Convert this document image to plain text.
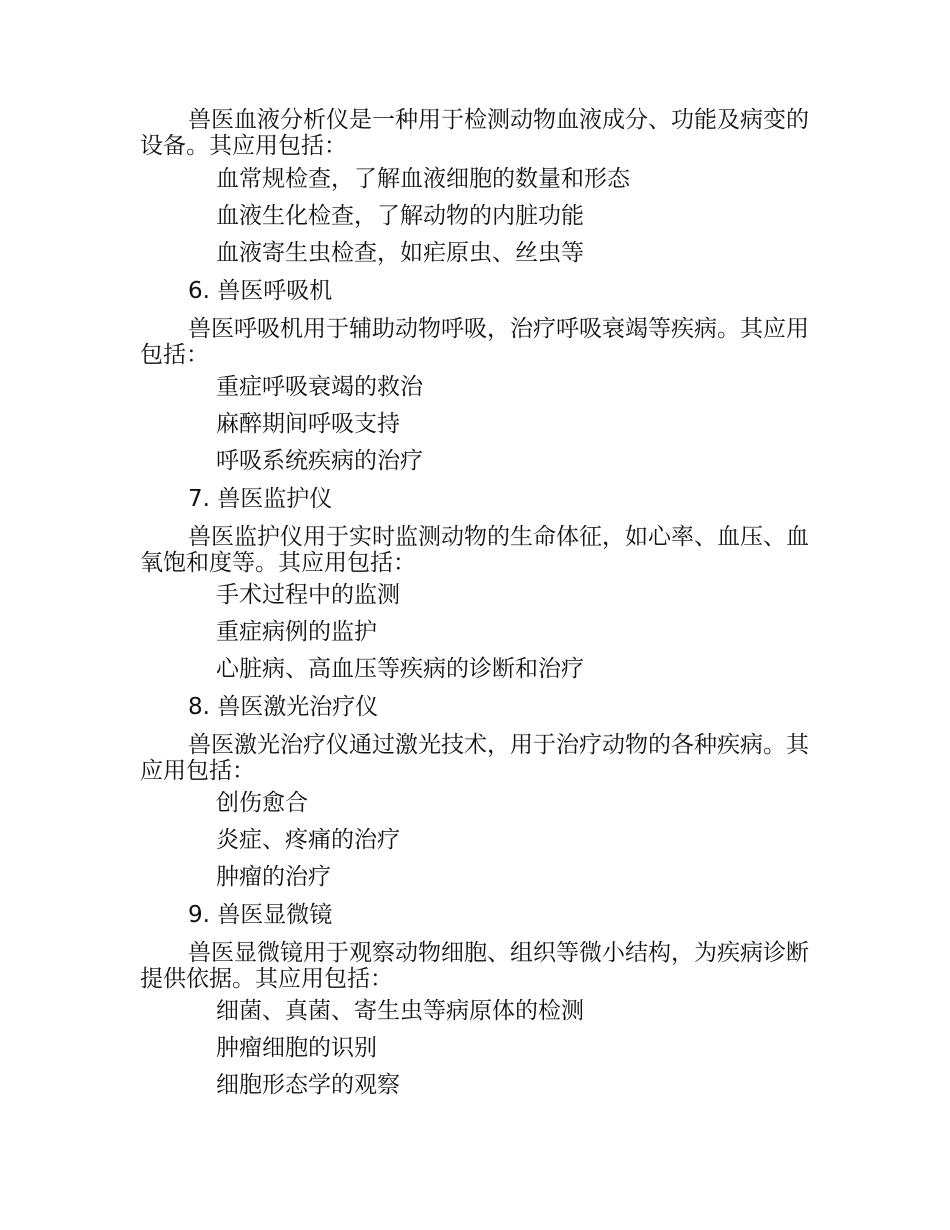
兽医血液分析仪是一种用于检测动物血液成分、功能及病变的设备。其应用包括：

血常规检查，了解血液细胞的数量和形态

血液生化检查，了解动物的内脏功能

血液寄生虫检查，如疟原虫、丝虫等

6. 兽医呼吸机

兽医呼吸机用于辅助动物呼吸，治疗呼吸衰竭等疾病。其应用包括：

重症呼吸衰竭的救治

麻醉期间呼吸支持

呼吸系统疾病的治疗

7. 兽医监护仪

兽医监护仪用于实时监测动物的生命体征，如心率、血压、血氧饱和度等。其应用包括：

手术过程中的监测

重症病例的监护

心脏病、高血压等疾病的诊断和治疗

8. 兽医激光治疗仪

兽医激光治疗仪通过激光技术，用于治疗动物的各种疾病。其应用包括：

创伤愈合

炎症、疼痛的治疗

肿瘤的治疗

9. 兽医显微镜

兽医显微镜用于观察动物细胞、组织等微小结构，为疾病诊断提供依据。其应用包括：

细菌、真菌、寄生虫等病原体的检测

肿瘤细胞的识别

细胞形态学的观察
